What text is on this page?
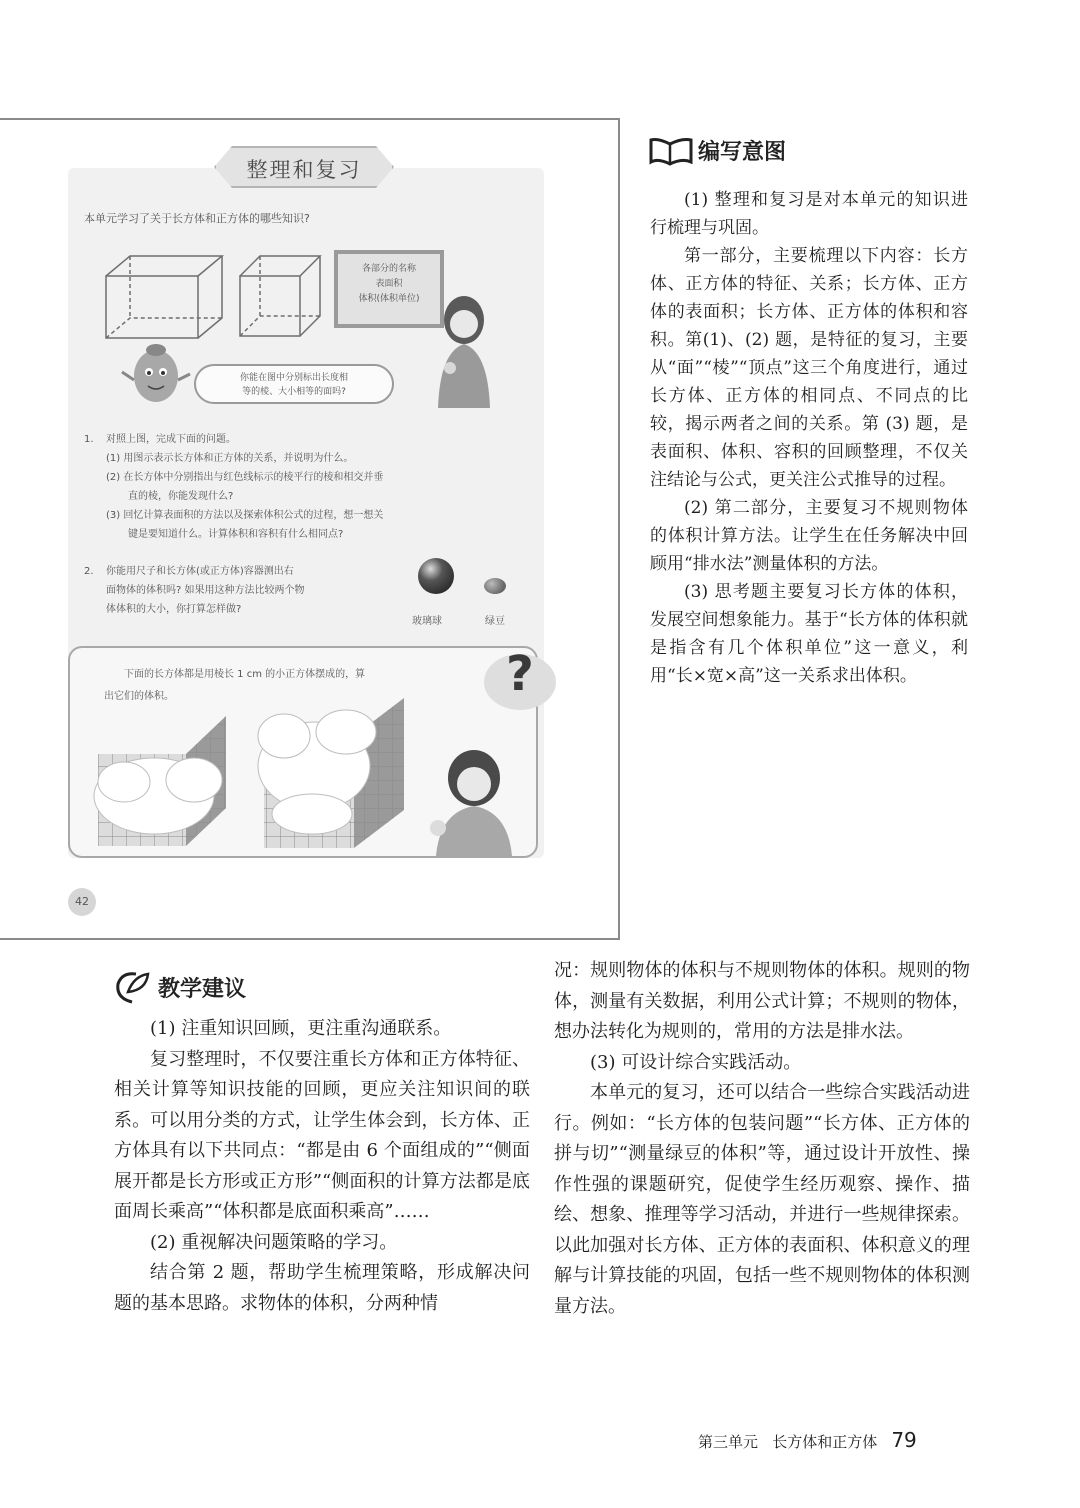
整理和复习
本单元学习了关于长方体和正方体的哪些知识?
各部分的名称
表面积
体积(体积单位)
你能在图中分别标出长度相
等的棱、大小相等的面吗?
1. 对照上图，完成下面的问题。
(1) 用图示表示长方体和正方体的关系，并说明为什么。
(2) 在长方体中分别指出与红色线标示的棱平行的棱和相交并垂
直的棱，你能发现什么?
(3) 回忆计算表面积的方法以及探索体积公式的过程，想一想关
键是要知道什么。计算体积和容积有什么相同点?
2. 你能用尺子和长方体(或正方体)容器测出右
面物体的体积吗? 如果用这种方法比较两个物
体体积的大小，你打算怎样做?
玻璃球	绿豆
下面的长方体都是用棱长 1 cm 的小正方体摆成的，算
出它们的体积。	?
42
编写意图

(1) 整理和复习是对本单元的知识进行梳理与巩固。

第一部分，主要梳理以下内容：长方体、正方体的特征、关系；长方体、正方体的表面积；长方体、正方体的体积和容积。第(1)、(2) 题，是特征的复习，主要从“面”“棱”“顶点”这三个角度进行，通过长方体、正方体的相同点、不同点的比较，揭示两者之间的关系。第 (3) 题，是表面积、体积、容积的回顾整理，不仅关注结论与公式，更关注公式推导的过程。

(2) 第二部分，主要复习不规则物体的体积计算方法。让学生在任务解决中回顾用“排水法”测量体积的方法。

(3) 思考题主要复习长方体的体积，发展空间想象能力。基于“长方体的体积就是指含有几个体积单位”这一意义，利用“长×宽×高”这一关系求出体积。

教学建议

(1) 注重知识回顾，更注重沟通联系。

复习整理时，不仅要注重长方体和正方体特征、相关计算等知识技能的回顾，更应关注知识间的联系。可以用分类的方式，让学生体会到，长方体、正方体具有以下共同点：“都是由 6 个面组成的”“侧面展开都是长方形或正方形”“侧面积的计算方法都是底面周长乘高”“体积都是底面积乘高”……

(2) 重视解决问题策略的学习。

结合第 2 题，帮助学生梳理策略，形成解决问题的基本思路。求物体的体积，分两种情

况：规则物体的体积与不规则物体的体积。规则的物体，测量有关数据，利用公式计算；不规则的物体，想办法转化为规则的，常用的方法是排水法。

(3) 可设计综合实践活动。

本单元的复习，还可以结合一些综合实践活动进行。例如：“长方体的包装问题”“长方体、正方体的拼与切”“测量绿豆的体积”等，通过设计开放性、操作性强的课题研究，促使学生经历观察、操作、描绘、想象、推理等学习活动，并进行一些规律探索。以此加强对长方体、正方体的表面积、体积意义的理解与计算技能的巩固，包括一些不规则物体的体积测量方法。

第三单元   长方体和正方体 79
